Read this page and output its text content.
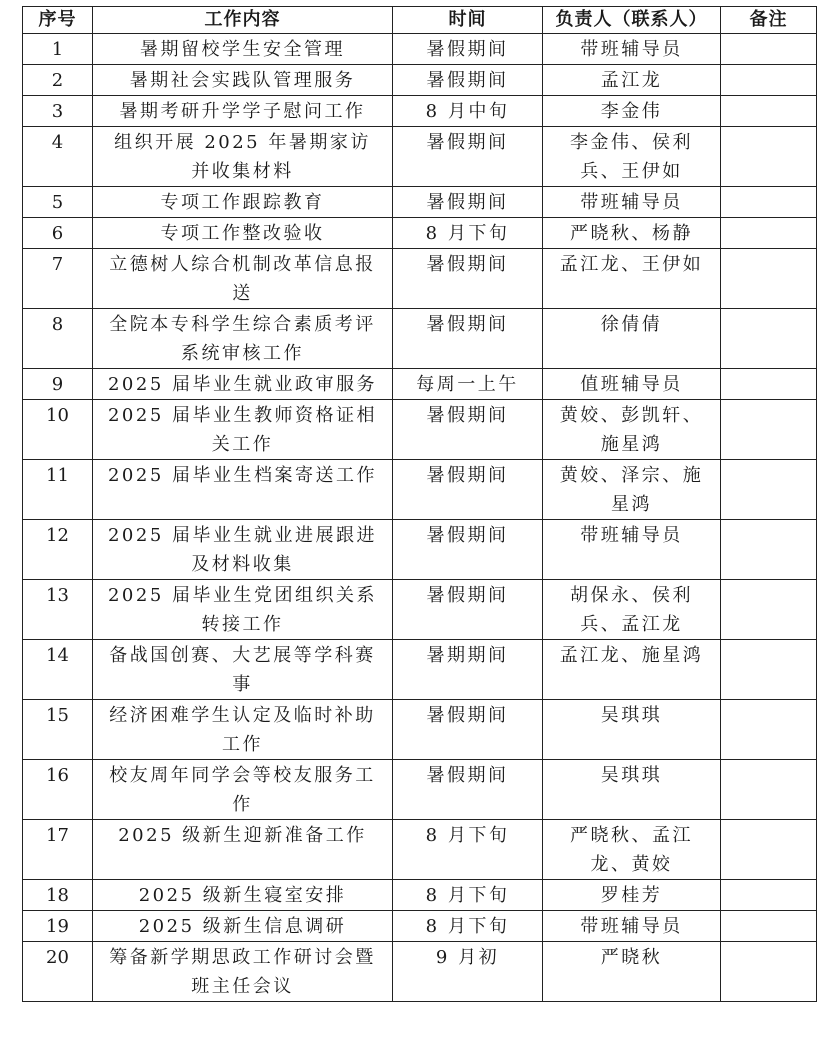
序号	工作内容	时间	负责人（联系人）	备注
1	暑期留校学生安全管理	暑假期间	带班辅导员	
2	暑期社会实践队管理服务	暑假期间	孟江龙	
3	暑期考研升学学子慰问工作	8 月中旬	李金伟	
4	组织开展 2025 年暑期家访并收集材料	暑假期间	李金伟、侯利兵、王伊如	
5	专项工作跟踪教育	暑假期间	带班辅导员	
6	专项工作整改验收	8 月下旬	严晓秋、杨静	
7	立德树人综合机制改革信息报送	暑假期间	孟江龙、王伊如	
8	全院本专科学生综合素质考评系统审核工作	暑假期间	徐倩倩	
9	2025 届毕业生就业政审服务	每周一上午	值班辅导员	
10	2025 届毕业生教师资格证相关工作	暑假期间	黄姣、彭凯轩、施星鸿	
11	2025 届毕业生档案寄送工作	暑假期间	黄姣、泽宗、施星鸿	
12	2025 届毕业生就业进展跟进及材料收集	暑假期间	带班辅导员	
13	2025 届毕业生党团组织关系转接工作	暑假期间	胡保永、侯利兵、孟江龙	
14	备战国创赛、大艺展等学科赛事	暑期期间	孟江龙、施星鸿	
15	经济困难学生认定及临时补助工作	暑假期间	吴琪琪	
16	校友周年同学会等校友服务工作	暑假期间	吴琪琪	
17	2025 级新生迎新准备工作	8 月下旬	严晓秋、孟江龙、黄姣	
18	2025 级新生寝室安排	8 月下旬	罗桂芳	
19	2025 级新生信息调研	8 月下旬	带班辅导员	
20	筹备新学期思政工作研讨会暨班主任会议	9 月初	严晓秋	
